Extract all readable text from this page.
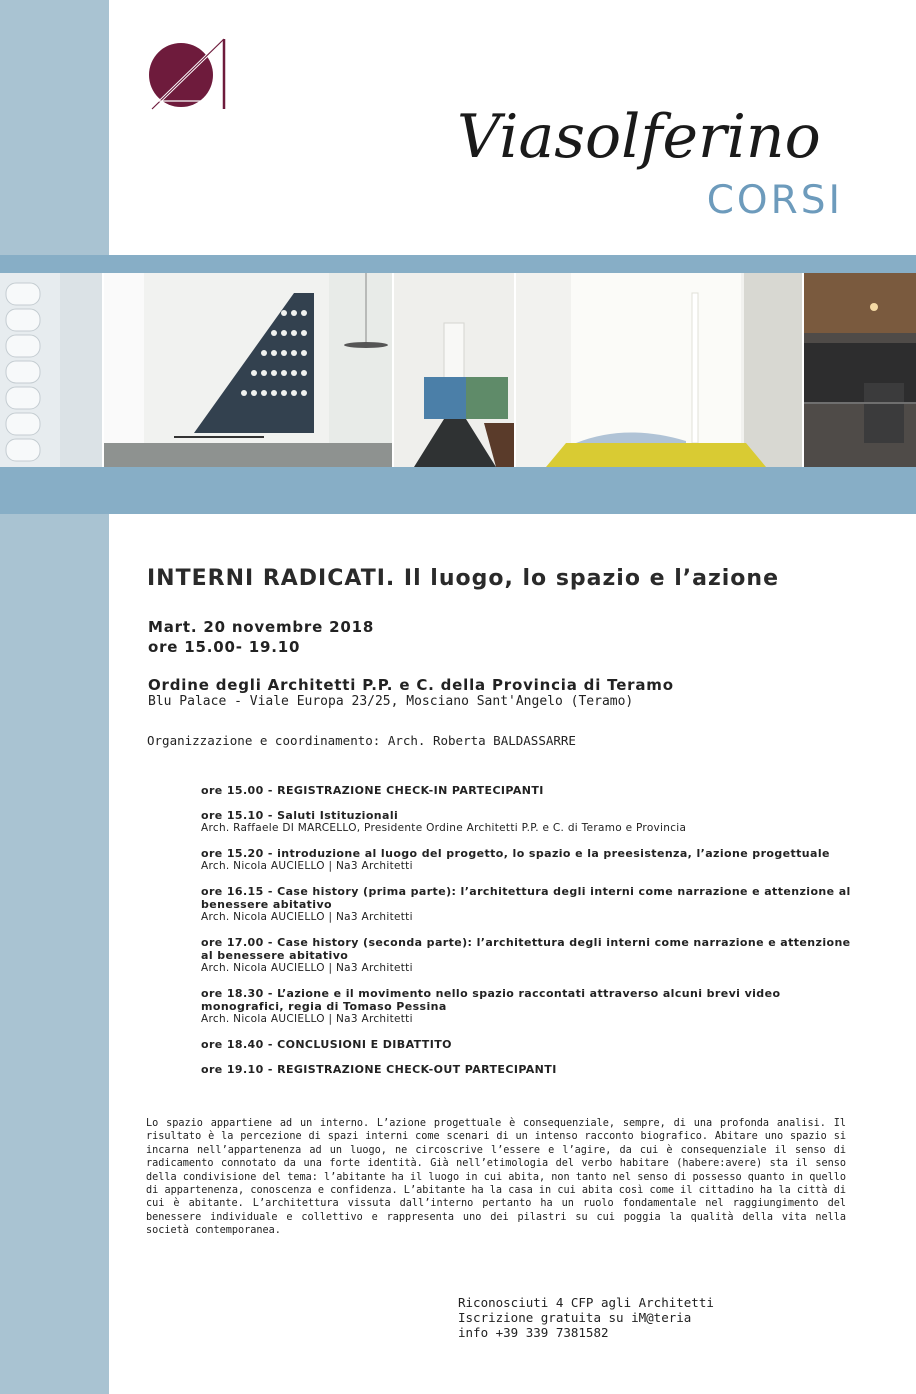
Viasolferino
CORSI
INTERNI RADICATI. Il luogo, lo spazio e l’azione
Mart. 20 novembre 2018
ore 15.00- 19.10
Ordine degli Architetti P.P. e C. della Provincia di Teramo
Blu Palace - Viale Europa 23/25, Mosciano Sant'Angelo (Teramo)
Organizzazione e coordinamento: Arch. Roberta BALDASSARRE
ore 15.00 - REGISTRAZIONE CHECK-IN PARTECIPANTI
ore 15.10 - Saluti Istituzionali
Arch. Raffaele DI MARCELLO, Presidente Ordine Architetti P.P. e C. di Teramo e Provincia
ore 15.20 - introduzione al luogo del progetto, lo spazio e la preesistenza, l’azione progettuale
Arch. Nicola AUCIELLO | Na3 Architetti
ore 16.15 - Case history (prima parte): l’architettura degli interni come narrazione e attenzione al benessere abitativo
Arch. Nicola AUCIELLO | Na3 Architetti
ore 17.00 - Case history (seconda parte): l’architettura degli interni come narrazione e attenzione al benessere abitativo
Arch. Nicola AUCIELLO | Na3 Architetti
ore 18.30 - L’azione e il movimento nello spazio raccontati attraverso alcuni brevi video monografici, regia di Tomaso Pessina
Arch. Nicola AUCIELLO | Na3 Architetti
ore 18.40 - CONCLUSIONI E DIBATTITO
ore 19.10 - REGISTRAZIONE CHECK-OUT PARTECIPANTI
Lo spazio appartiene ad un interno. L’azione progettuale è consequenziale, sempre, di una profonda analisi. Il risultato è la percezione di spazi interni come scenari di un intenso racconto biografico. Abitare uno spazio si incarna nell’appartenenza ad un luogo, ne circoscrive l’essere e l’agire, da cui è consequenziale il senso di radicamento connotato da una forte identità. Già nell’etimologia del verbo habitare (habere:avere) sta il senso della condivisione del tema: l’abitante ha il luogo in cui abita, non tanto nel senso di possesso quanto in quello di appartenenza, conoscenza e confidenza. L’abitante ha la casa in cui abita così come il cittadino ha la città di cui è abitante. L’architettura vissuta dall’interno pertanto ha un ruolo fondamentale nel raggiungimento del benessere individuale e collettivo e rappresenta uno dei pilastri su cui poggia la qualità della vita nella società contemporanea.
Riconosciuti 4 CFP agli Architetti
Iscrizione gratuita su iM@teria
info +39 339 7381582
